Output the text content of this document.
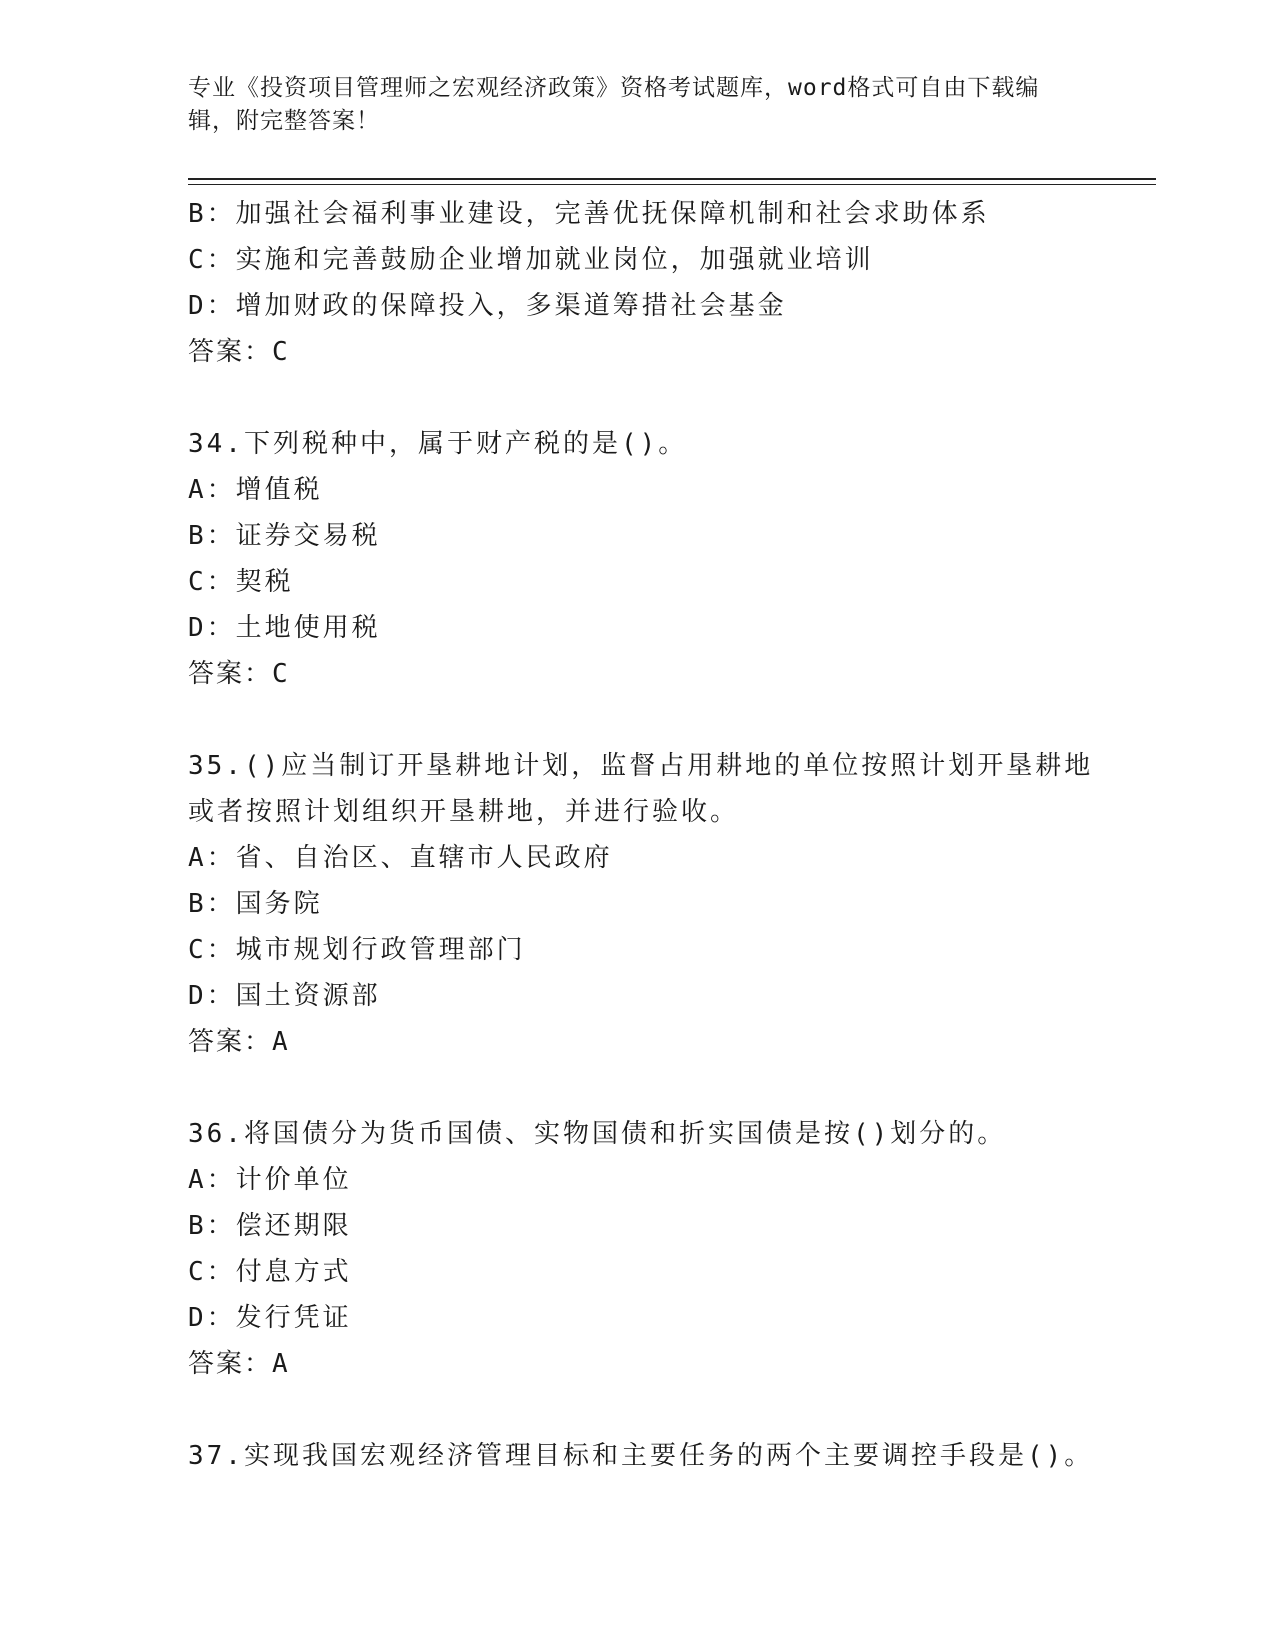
专业《投资项目管理师之宏观经济政策》资格考试题库，word格式可自由下载编
辑，附完整答案！
B：加强社会福利事业建设，完善优抚保障机制和社会求助体系
C：实施和完善鼓励企业增加就业岗位，加强就业培训
D：增加财政的保障投入，多渠道筹措社会基金
答案：C
34.下列税种中，属于财产税的是()。
A：增值税
B：证券交易税
C：契税
D：土地使用税
答案：C
35.()应当制订开垦耕地计划，监督占用耕地的单位按照计划开垦耕地
或者按照计划组织开垦耕地，并进行验收。
A：省、自治区、直辖市人民政府
B：国务院
C：城市规划行政管理部门
D：国土资源部
答案：A
36.将国债分为货币国债、实物国债和折实国债是按()划分的。
A：计价单位
B：偿还期限
C：付息方式
D：发行凭证
答案：A
37.实现我国宏观经济管理目标和主要任务的两个主要调控手段是()。
